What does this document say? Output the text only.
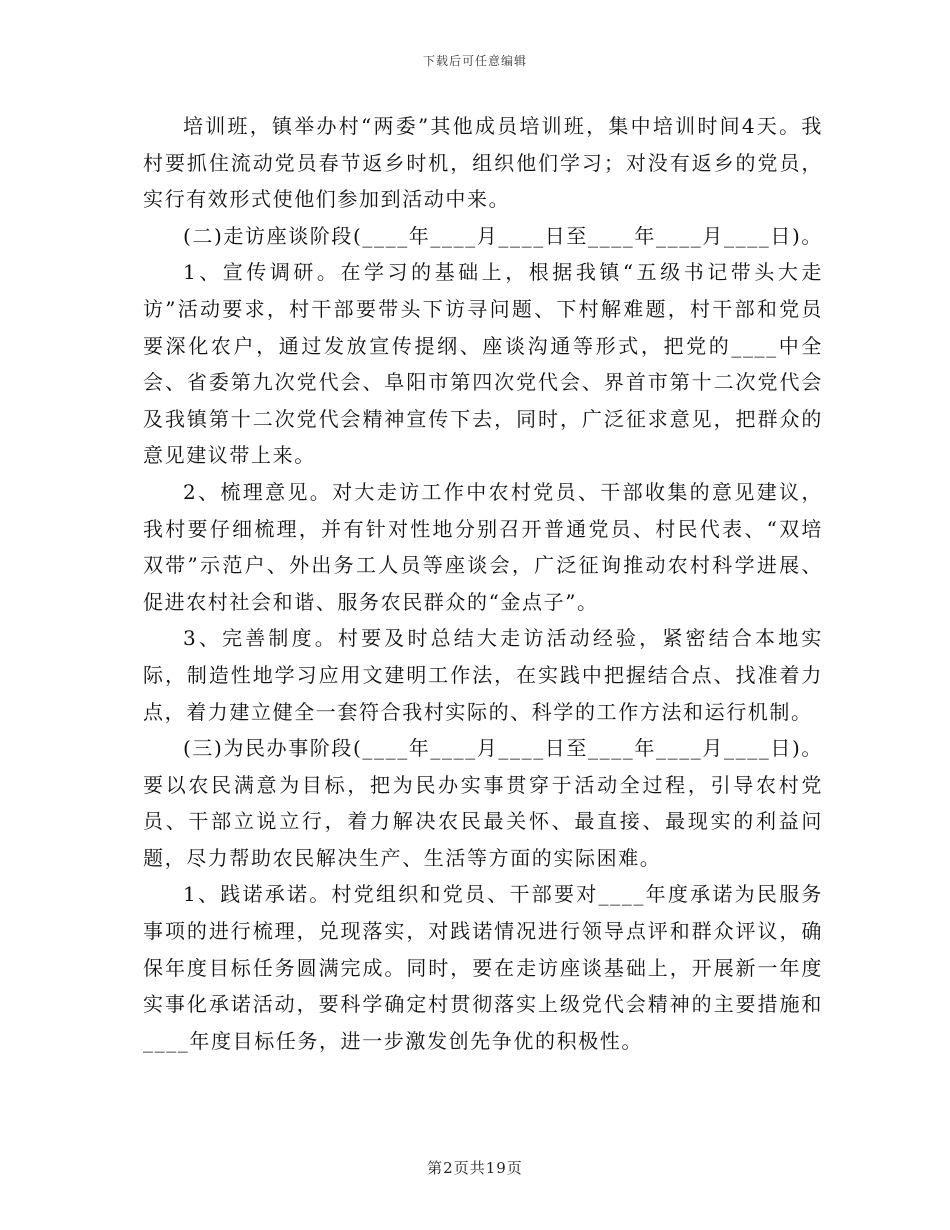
下载后可任意编辑

培训班，镇举办村“两委”其他成员培训班，集中培训时间4天。我村要抓住流动党员春节返乡时机，组织他们学习；对没有返乡的党员，实行有效形式使他们参加到活动中来。

(二)走访座谈阶段(____年____月____日至____年____月____日)。

1、宣传调研。在学习的基础上，根据我镇“五级书记带头大走访”活动要求，村干部要带头下访寻问题、下村解难题，村干部和党员要深化农户，通过发放宣传提纲、座谈沟通等形式，把党的____中全会、省委第九次党代会、阜阳市第四次党代会、界首市第十二次党代会及我镇第十二次党代会精神宣传下去，同时，广泛征求意见，把群众的意见建议带上来。

2、梳理意见。对大走访工作中农村党员、干部收集的意见建议，我村要仔细梳理，并有针对性地分别召开普通党员、村民代表、“双培双带”示范户、外出务工人员等座谈会，广泛征询推动农村科学进展、促进农村社会和谐、服务农民群众的“金点子”。

3、完善制度。村要及时总结大走访活动经验，紧密结合本地实际，制造性地学习应用文建明工作法，在实践中把握结合点、找准着力点，着力建立健全一套符合我村实际的、科学的工作方法和运行机制。

(三)为民办事阶段(____年____月____日至____年____月____日)。要以农民满意为目标，把为民办实事贯穿于活动全过程，引导农村党员、干部立说立行，着力解决农民最关怀、最直接、最现实的利益问题，尽力帮助农民解决生产、生活等方面的实际困难。

1、践诺承诺。村党组织和党员、干部要对____年度承诺为民服务事项的进行梳理，兑现落实，对践诺情况进行领导点评和群众评议，确保年度目标任务圆满完成。同时，要在走访座谈基础上，开展新一年度实事化承诺活动，要科学确定村贯彻落实上级党代会精神的主要措施和____年度目标任务，进一步激发创先争优的积极性。

第2页共19页
